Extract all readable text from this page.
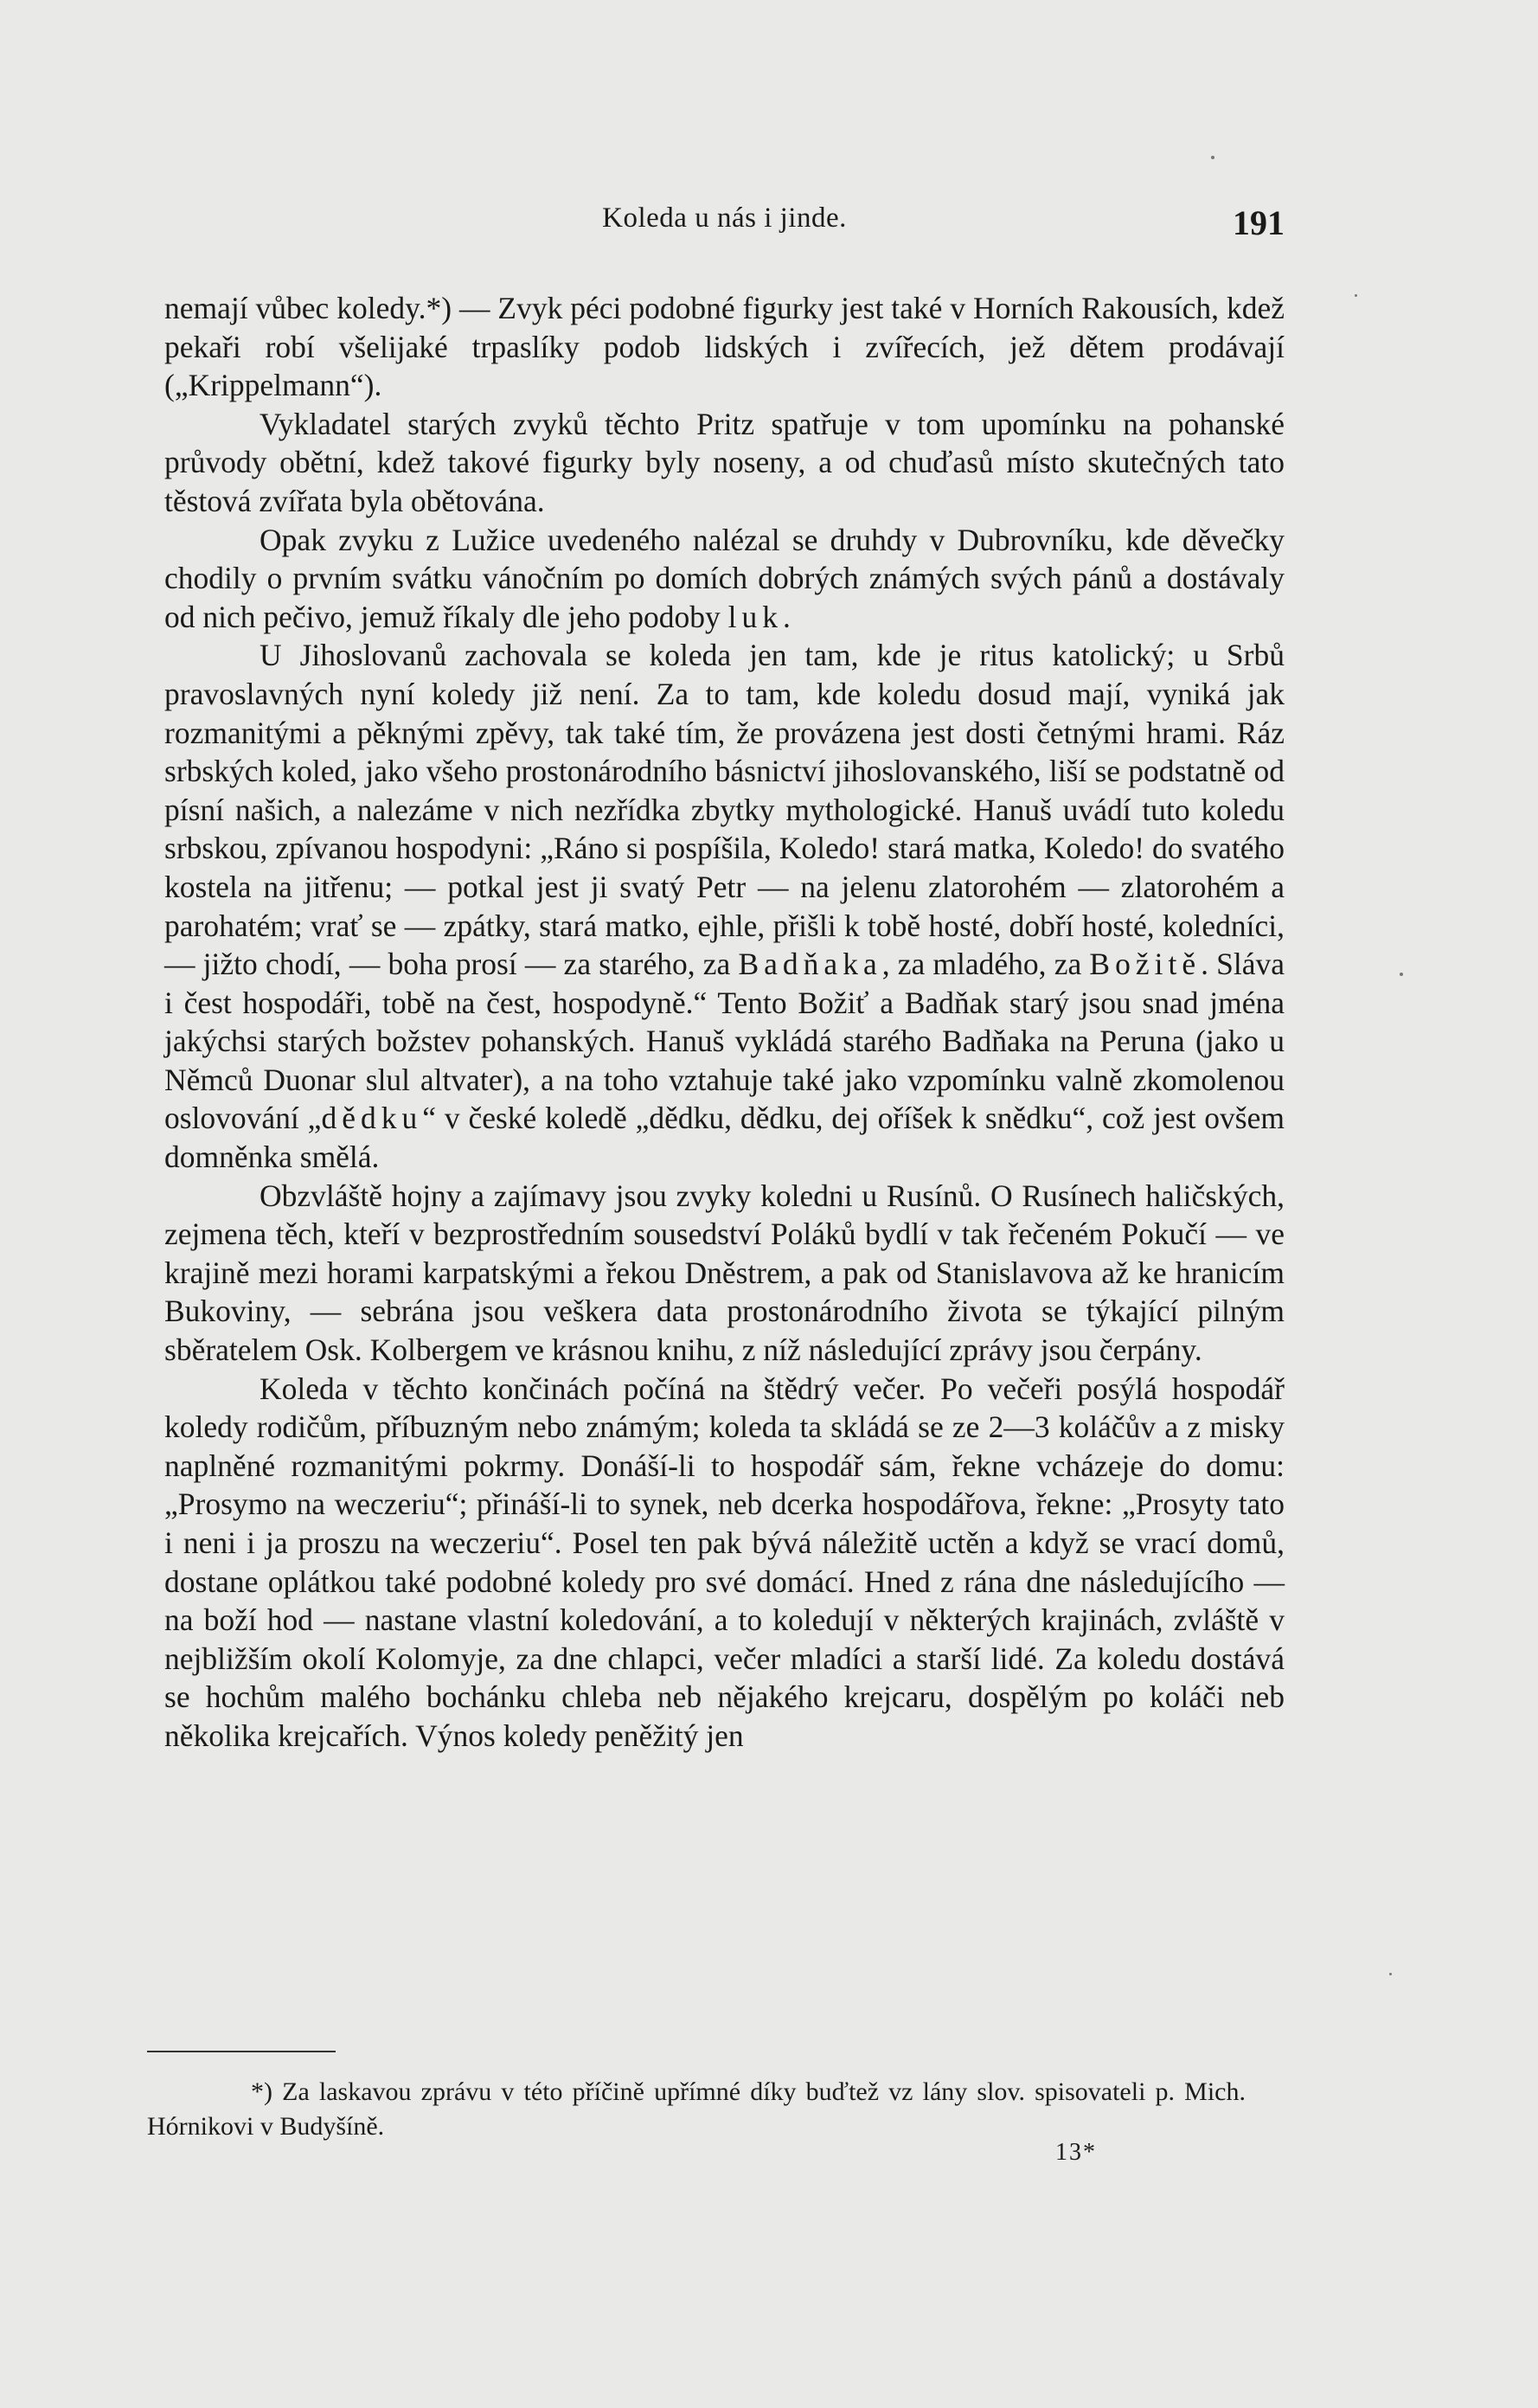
Koleda u nás i jinde.	191

nemají vůbec koledy.*) — Zvyk péci podobné figurky jest také v Horních Rakousích, kdež pekaři robí všelijaké trpaslíky podob lidských i zvířecích, jež dětem prodávají („Krippelmann“).

Vykladatel starých zvyků těchto Pritz spatřuje v tom upomínku na pohanské průvody obětní, kdež takové figurky byly noseny, a od chuďasů místo skutečných tato těstová zvířata byla obětována.

Opak zvyku z Lužice uvedeného nalézal se druhdy v Dubrovníku, kde děvečky chodily o prvním svátku vánočním po domích dobrých známých svých pánů a dostávaly od nich pečivo, jemuž říkaly dle jeho podoby luk.

U Jihoslovanů zachovala se koleda jen tam, kde je ritus katolický; u Srbů pravoslavných nyní koledy již není. Za to tam, kde koledu dosud mají, vyniká jak rozmanitými a pěknými zpěvy, tak také tím, že provázena jest dosti četnými hrami. Ráz srbských koled, jako všeho prostonárodního básnictví jihoslovanského, liší se podstatně od písní našich, a nalezáme v nich nezřídka zbytky mythologické. Hanuš uvádí tuto koledu srbskou, zpívanou hospodyni: „Ráno si pospíšila, Koledo! stará matka, Koledo! do svatého kostela na jitřenu; — potkal jest ji svatý Petr — na jelenu zlatorohém — zlatorohém a parohatém; vrať se — zpátky, stará matko, ejhle, přišli k tobě hosté, dobří hosté, koledníci, — jižto chodí, — boha prosí — za starého, za Badňaka, za mladého, za Božitě. Sláva i čest hospodáři, tobě na čest, hospodyně.“ Tento Božiť a Badňak starý jsou snad jména jakýchsi starých božstev pohanských. Hanuš vykládá starého Badňaka na Peruna (jako u Němců Duonar slul altvater), a na toho vztahuje také jako vzpomínku valně zkomolenou oslovování „dědku“ v české koledě „dědku, dědku, dej oříšek k snědku“, což jest ovšem domněnka smělá.

Obzvláště hojny a zajímavy jsou zvyky koledni u Rusínů. O Rusínech haličských, zejmena těch, kteří v bezprostředním sousedství Poláků bydlí v tak řečeném Pokučí — ve krajině mezi horami karpatskými a řekou Dněstrem, a pak od Stanislavova až ke hranicím Bukoviny, — sebrána jsou veškera data prostonárodního života se týkající pilným sběratelem Osk. Kolbergem ve krásnou knihu, z níž následující zprávy jsou čerpány.

Koleda v těchto končinách počíná na štědrý večer. Po večeři posýlá hospodář koledy rodičům, příbuzným nebo známým; koleda ta skládá se ze 2—3 koláčův a z misky naplněné rozmanitými pokrmy. Donáší-li to hospodář sám, řekne vcházeje do domu: „Prosymo na weczeriu“; přináší-li to synek, neb dcerka hospodářova, řekne: „Prosyty tato i neni i ja proszu na weczeriu“. Posel ten pak bývá náležitě uctěn a když se vrací domů, dostane oplátkou také podobné koledy pro své domácí. Hned z rána dne následujícího — na boží hod — nastane vlastní koledování, a to koledují v některých krajinách, zvláště v nejbližším okolí Kolomyje, za dne chlapci, večer mladíci a starší lidé. Za koledu dostává se hochům malého bochánku chleba neb nějakého krejcaru, dospělým po koláči neb několika krejcařích. Výnos koledy peněžitý jen

*) Za laskavou zprávu v této příčině upřímné díky buďtež vz lány slov. spisovateli p. Mich. Hórnikovi v Budyšíně.

13*
